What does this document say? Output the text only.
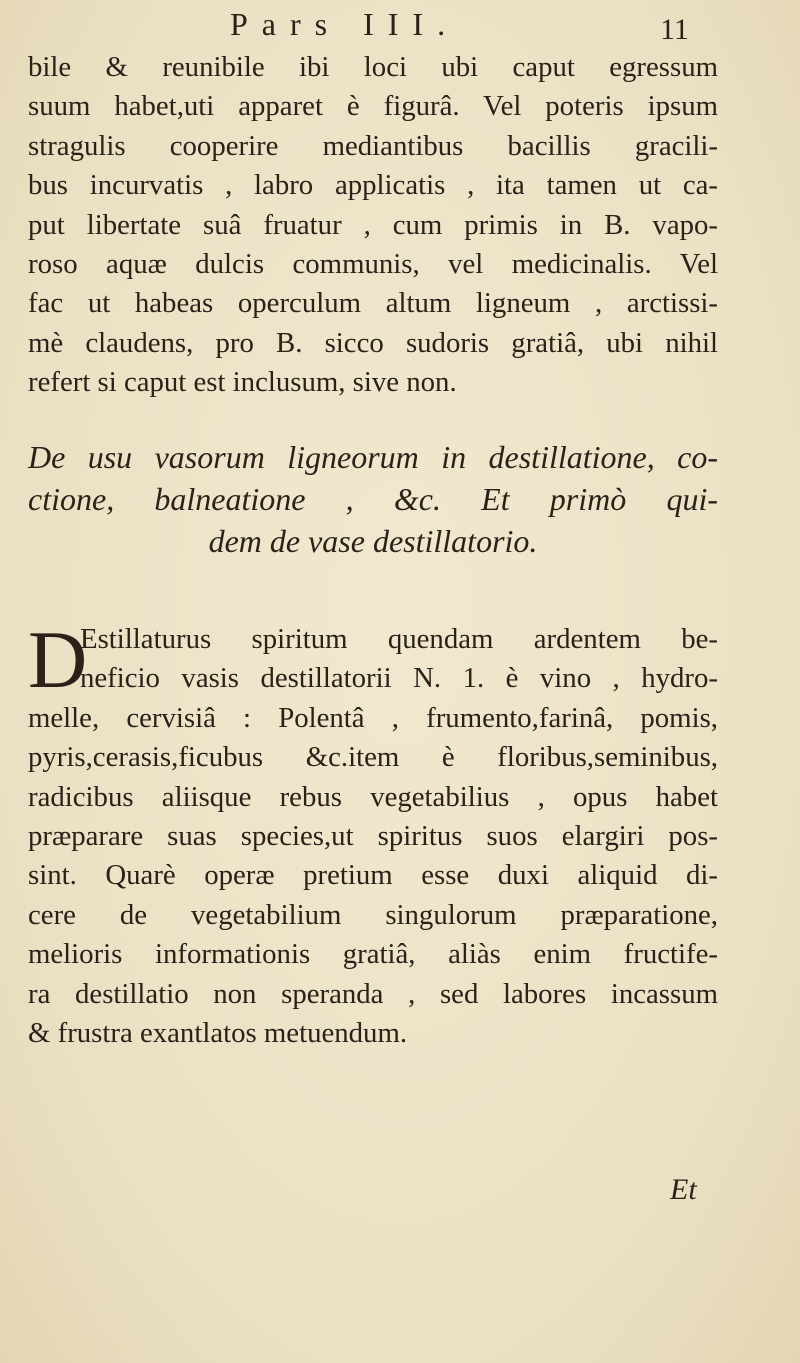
Pars III.	11
bile & reunibile ibi loci ubi caput egressum
suum habet,uti apparet è figurâ. Vel poteris ipsum
stragulis cooperire mediantibus bacillis gracili-
bus incurvatis , labro applicatis , ita tamen ut ca-
put libertate suâ fruatur , cum primis in B. vapo-
roso aquæ dulcis communis, vel medicinalis. Vel
fac ut habeas operculum altum ligneum , arctissi-
mè claudens, pro B. sicco sudoris gratiâ, ubi nihil
refert si caput est inclusum, sive non.
De usu vasorum ligneorum in destillatione, co-
ctione, balneatione , &c. Et primò qui-
dem de vase destillatorio.
D
Estillaturus spiritum quendam ardentem be-
neficio vasis destillatorii N. 1. è vino , hydro-
melle, cervisiâ : Polentâ , frumento,farinâ, pomis,
pyris,cerasis,ficubus &c.item è floribus,seminibus,
radicibus aliisque rebus vegetabilius , opus habet
præparare suas species,ut spiritus suos elargiri pos-
sint. Quarè operæ pretium esse duxi aliquid di-
cere de vegetabilium singulorum præparatione,
melioris informationis gratiâ, aliàs enim fructife-
ra destillatio non speranda , sed labores incassum
& frustra exantlatos metuendum.
Et
